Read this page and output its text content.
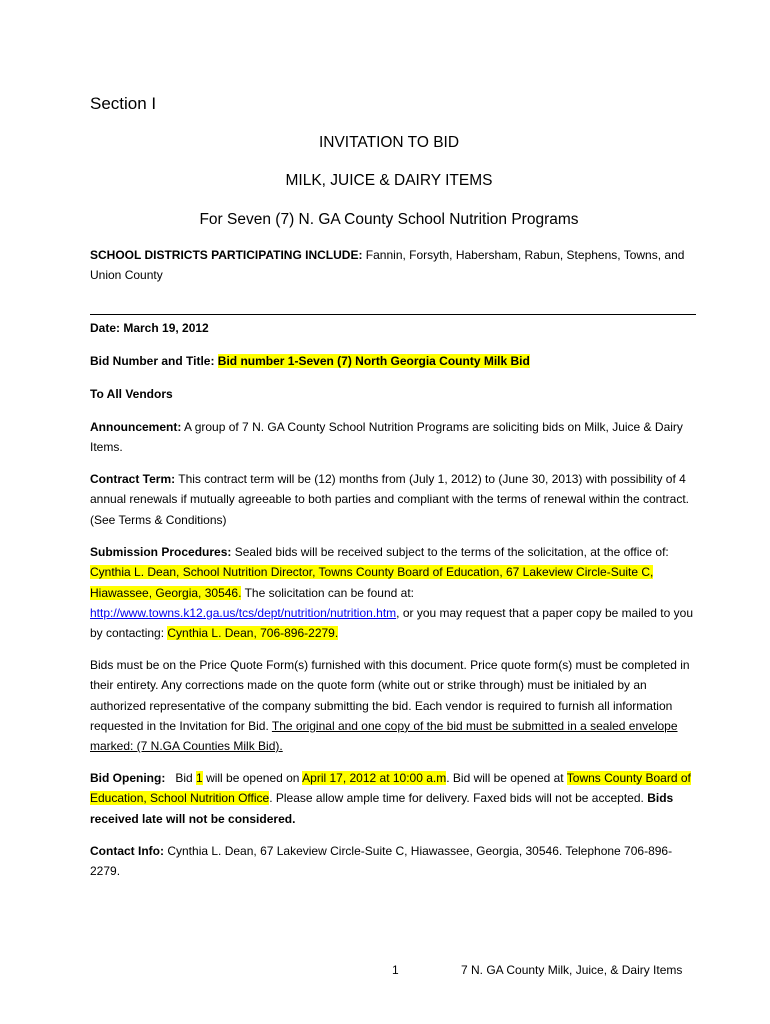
Section I
INVITATION TO BID
MILK, JUICE & DAIRY ITEMS
For Seven (7) N. GA County School Nutrition Programs
SCHOOL DISTRICTS PARTICIPATING INCLUDE: Fannin, Forsyth, Habersham, Rabun, Stephens, Towns, and Union County
Date: March 19, 2012
Bid Number and Title: Bid number 1-Seven (7) North Georgia County Milk Bid
To All Vendors
Announcement: A group of 7 N. GA County School Nutrition Programs are soliciting bids on Milk, Juice & Dairy Items.
Contract Term: This contract term will be (12) months from (July 1, 2012) to (June 30, 2013) with possibility of 4 annual renewals if mutually agreeable to both parties and compliant with the terms of renewal within the contract. (See Terms & Conditions)
Submission Procedures: Sealed bids will be received subject to the terms of the solicitation, at the office of: Cynthia L. Dean, School Nutrition Director, Towns County Board of Education, 67 Lakeview Circle-Suite C, Hiawassee, Georgia, 30546. The solicitation can be found at: http://www.towns.k12.ga.us/tcs/dept/nutrition/nutrition.htm, or you may request that a paper copy be mailed to you by contacting: Cynthia L. Dean, 706-896-2279.
Bids must be on the Price Quote Form(s) furnished with this document. Price quote form(s) must be completed in their entirety. Any corrections made on the quote form (white out or strike through) must be initialed by an authorized representative of the company submitting the bid. Each vendor is required to furnish all information requested in the Invitation for Bid. The original and one copy of the bid must be submitted in a sealed envelope marked: (7 N.GA Counties Milk Bid).
Bid Opening: Bid 1 will be opened on April 17, 2012 at 10:00 a.m. Bid will be opened at Towns County Board of Education, School Nutrition Office. Please allow ample time for delivery. Faxed bids will not be accepted. Bids received late will not be considered.
Contact Info: Cynthia L. Dean, 67 Lakeview Circle-Suite C, Hiawassee, Georgia, 30546. Telephone 706-896-2279.
1	7 N. GA County Milk, Juice, & Dairy Items
